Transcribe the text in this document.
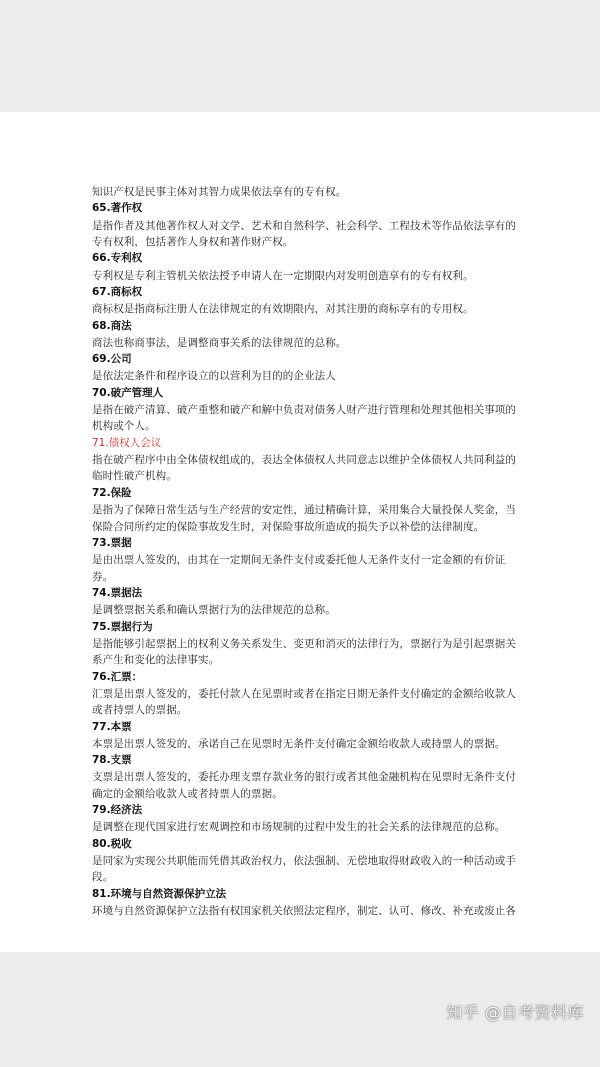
知识产权是民事主体对其智力成果依法享有的专有权。
65.著作权
是指作者及其他著作权人对文学、艺术和自然科学、社会科学、工程技术等作品依法享有的
专有权利，包括著作人身权和著作财产权。
66.专利权
专利权是专利主管机关依法授予申请人在一定期限内对发明创造享有的专有权利。
67.商标权
商标权是指商标注册人在法律规定的有效期限内，对其注册的商标享有的专用权。
68.商法
商法也称商事法，是调整商事关系的法律规范的总称。
69.公司
是依法定条件和程序设立的以营利为目的的企业法人
70.破产管理人
是指在破产清算、破产重整和破产和解中负责对债务人财产进行管理和处理其他相关事项的
机构或个人。
71.债权人会议
指在破产程序中由全体债权组成的，表达全体债权人共同意志以维护全体债权人共同利益的
临时性破产机构。
72.保险
是指为了保障日常生活与生产经营的安定性，通过精确计算，采用集合大量投保人奖金，当
保险合同所约定的保险事故发生时，对保险事故所造成的损失予以补偿的法律制度。
73.票据
是由出票人签发的，由其在一定期间无条件支付或委托他人无条件支付一定金额的有价证
券。
74.票据法
是调整票据关系和确认票据行为的法律规范的总称。
75.票据行为
是指能够引起票据上的权利义务关系发生、变更和消灭的法律行为，票据行为是引起票据关
系产生和变化的法律事实。
76.汇票：
汇票是出票人签发的，委托付款人在见票时或者在指定日期无条件支付确定的金额给收款人
或者持票人的票据。
77.本票
本票是出票人签发的，承诺自己在见票时无条件支付确定金额给收款人或持票人的票据。
78.支票
支票是出票人签发的，委托办理支票存款业务的银行或者其他金融机构在见票时无条件支付
确定的金额给收款人或者持票人的票据。
79.经济法
是调整在现代国家进行宏观调控和市场规制的过程中发生的社会关系的法律规范的总称。
80.税收
是同家为实现公共职能而凭借其政治权力，依法强制、无偿地取得财政收入的一种活动或手
段。
81.环境与自然资源保护立法
环境与自然资源保护立法指有权国家机关依照法定程序，制定、认可、修改、补充或废止各
知乎 @自考资料库
